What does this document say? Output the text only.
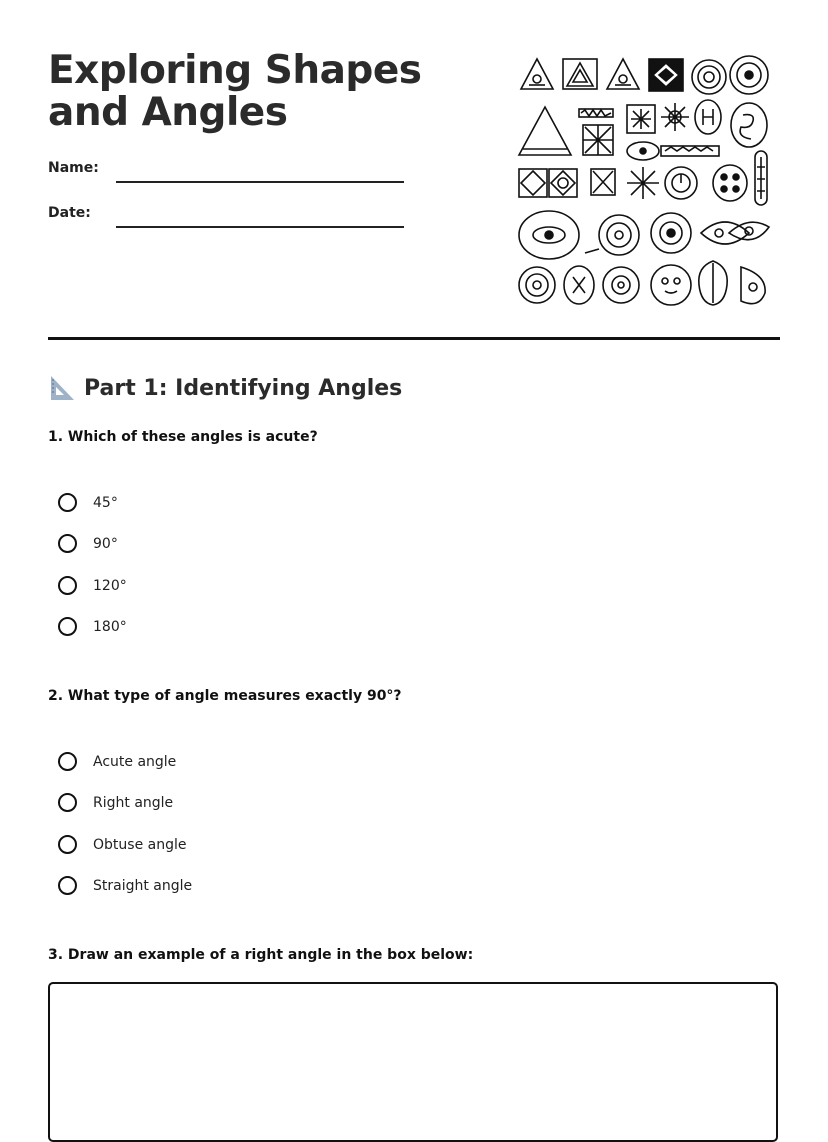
Exploring Shapes and Angles
Name:
Date:
Part 1: Identifying Angles
1. Which of these angles is acute?
45°
90°
120°
180°
2. What type of angle measures exactly 90°?
Acute angle
Right angle
Obtuse angle
Straight angle
3. Draw an example of a right angle in the box below:
